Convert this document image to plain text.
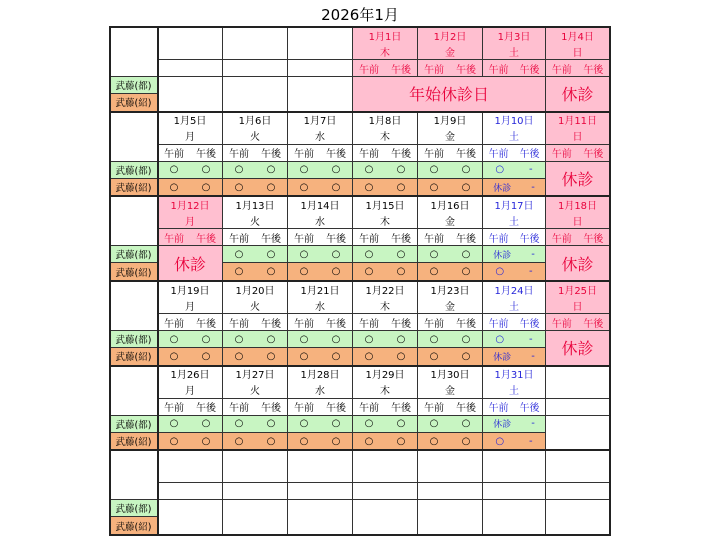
2026年1月
武藤(都)
武藤(紹)
1月1日
木
午前 午後
1月2日
金
午前 午後
1月3日
土
午前 午後
1月4日
日
午前 午後
年始休診日	休診
武藤(都)
武藤(紹)
1月5日
月
午前 午後
○ ○
○ ○
1月6日
火
午前 午後
○ ○
○ ○
1月7日
水
午前 午後
○ ○
○ ○
1月8日
木
午前 午後
○ ○
○ ○
1月9日
金
午前 午後
○ ○
○ ○
1月10日
土
午前 午後
○ -
休診 -
1月11日
日
午前 午後
休診
武藤(都)
武藤(紹)
1月12日
月
午前 午後
1月13日
火
午前 午後
○ ○
○ ○
1月14日
水
午前 午後
○ ○
○ ○
1月15日
木
午前 午後
○ ○
○ ○
1月16日
金
午前 午後
○ ○
○ ○
1月17日
土
午前 午後
休診 -
○ -
1月18日
日
午前 午後
休診	休診
武藤(都)
武藤(紹)
1月19日
月
午前 午後
○ ○
○ ○
1月20日
火
午前 午後
○ ○
○ ○
1月21日
水
午前 午後
○ ○
○ ○
1月22日
木
午前 午後
○ ○
○ ○
1月23日
金
午前 午後
○ ○
○ ○
1月24日
土
午前 午後
○ -
休診 -
1月25日
日
午前 午後
休診
武藤(都)
武藤(紹)
1月26日
月
午前 午後
○ ○
○ ○
1月27日
火
午前 午後
○ ○
○ ○
1月28日
水
午前 午後
○ ○
○ ○
1月29日
木
午前 午後
○ ○
○ ○
1月30日
金
午前 午後
○ ○
○ ○
1月31日
土
午前 午後
休診 -
○ -
武藤(都)
武藤(紹)
